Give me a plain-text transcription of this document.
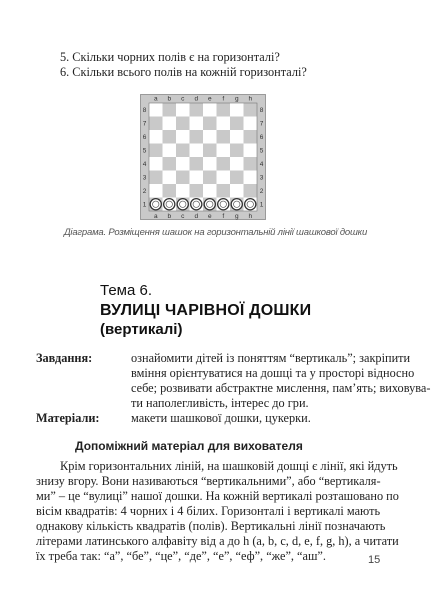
5. Скільки чорних полів є на горизонталі?
6. Скільки всього полів на кожній горизонталі?
a
a
b
b
c
c
d
d
e
e
f
f
g
g
h
h
1	1
2	2
3	3
4	4
5	5
6	6
7	7
8	8
Діаграма. Розміщення шашок на горизонтальній лінії шашкової дошки
Тема 6.
ВУЛИЦІ ЧАРІВНОЇ ДОШКИ
(вертикалі)
Завдання:	ознайомити дітей із поняттям “вертикаль”; закріпити
вміння орієнтуватися на дошці та у просторі відносно
себе; розвивати абстрактне мислення, пам’ять; виховува-
ти наполегливість, інтерес до гри.
Матеріали:	макети шашкової дошки, цукерки.
Допоміжний матеріал для вихователя
Крім горизонтальних ліній, на шашковій дошці є лінії, які йдуть
знизу вгору. Вони називаються “вертикальними”, або “вертикаля-
ми” – це “вулиці” нашої дошки. На кожній вертикалі розташовано по
вісім квадратів: 4 чорних і 4 білих. Горизонталі і вертикалі мають
однакову кількість квадратів (полів). Вертикальні лінії позначають
літерами латинського алфавіту від a до h (a, b, c, d, e, f, g, h), а читати
їх треба так: “а”, “бе”, “це”, “де”, “е”, “еф”, “же”, “аш”.	15
